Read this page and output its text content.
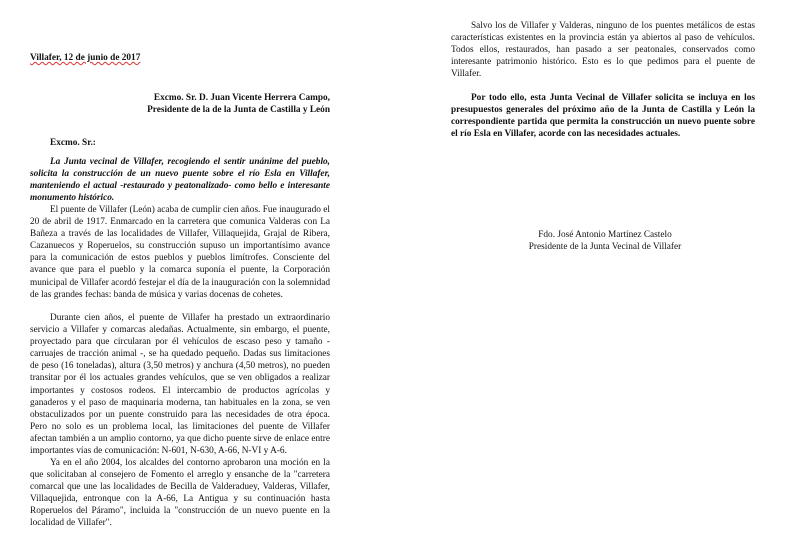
Villafer, 12 de junio de 2017
Excmo. Sr. D. Juan Vicente Herrera Campo,
Presidente de la de la Junta de Castilla y León
Excmo. Sr.:
La Junta vecinal de Villafer, recogiendo el sentir unánime del pueblo, solicita la construcción de un nuevo puente sobre el río Esla en Villafer, manteniendo el actual -restaurado y peatonalizado- como bello e interesante monumento histórico.
El puente de Villafer (León) acaba de cumplir cien años. Fue inaugurado el 20 de abril de 1917. Enmarcado en la carretera que comunica Valderas con La Bañeza a través de las localidades de Villafer, Villaquejida, Grajal de Ribera, Cazanuecos y Roperuelos, su construcción supuso un importantísimo avance para la comunicación de estos pueblos y pueblos limítrofes. Consciente del avance que para el pueblo y la comarca suponía el puente, la Corporación municipal de Villafer acordó festejar el día de la inauguración con la solemnidad de las grandes fechas: banda de música y varias docenas de cohetes.
Durante cien años, el puente de Villafer ha prestado un extraordinario servicio a Villafer y comarcas aledañas. Actualmente, sin embargo, el puente, proyectado para que circularan por él vehículos de escaso peso y tamaño - carruajes de tracción animal -, se ha quedado pequeño. Dadas sus limitaciones de peso (16 toneladas), altura (3,50 metros) y anchura (4,50 metros), no pueden transitar por él los actuales grandes vehículos, que se ven obligados a realizar importantes y costosos rodeos. El intercambio de productos agrícolas y ganaderos y el paso de maquinaria moderna, tan habituales en la zona, se ven obstaculizados por un puente construido para las necesidades de otra época. Pero no solo es un problema local, las limitaciones del puente de Villafer afectan también a un amplio contorno, ya que dicho puente sirve de enlace entre importantes vías de comunicación: N-601, N-630, A-66, N-VI y A-6.
Ya en el año 2004, los alcaldes del contorno aprobaron una moción en la que solicitaban al consejero de Fomento el arreglo y ensanche de la "carretera comarcal que une las localidades de Becilla de Valderaduey, Valderas, Villafer, Villaquejida, entronque con la A-66, La Antigua y su continuación hasta Roperuelos del Páramo", incluida la "construcción de un nuevo puente en la localidad de Villafer".
Salvo los de Villafer y Valderas, ninguno de los puentes metálicos de estas características existentes en la provincia están ya abiertos al paso de vehículos. Todos ellos, restaurados, han pasado a ser peatonales, conservados como interesante patrimonio histórico. Esto es lo que pedimos para el puente de Villafer.
Por todo ello, esta Junta Vecinal de Villafer solicita se incluya en los presupuestos generales del próximo año de la Junta de Castilla y León la correspondiente partida que permita la construcción un nuevo puente sobre el río Esla en Villafer, acorde con las necesidades actuales.
Fdo. José Antonio Martínez Castelo
Presidente de la Junta Vecinal de Villafer
